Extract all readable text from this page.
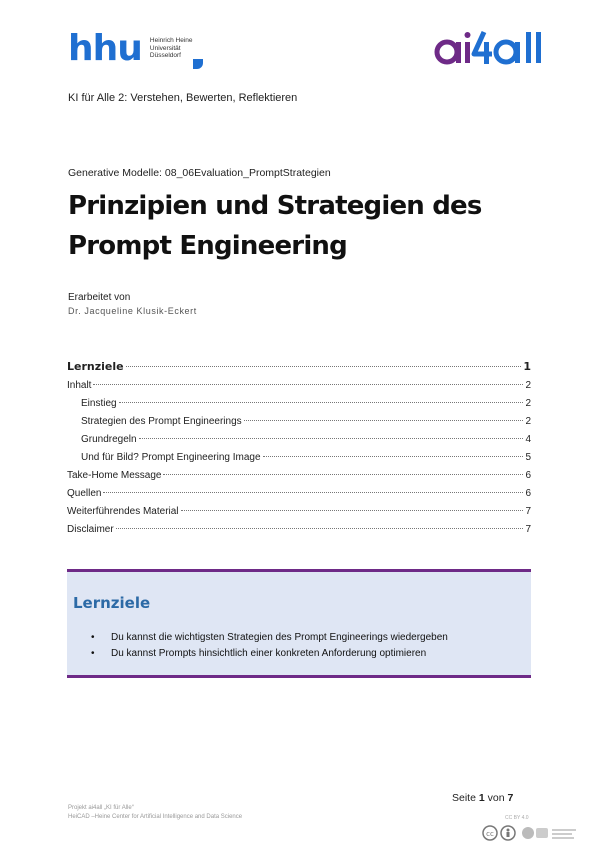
hhu Heinrich Heine
Universität
Düsseldorf
KI für Alle 2: Verstehen, Bewerten, Reflektieren
Generative Modelle: 08_06Evaluation_PromptStrategien
Prinzipien und Strategien des Prompt Engineering
Erarbeitet von
Dr. Jacqueline Klusik-Eckert
Lernziele	1
Inhalt	2
Einstieg	2
Strategien des Prompt Engineerings	2
Grundregeln	4
Und für Bild? Prompt Engineering Image	5
Take-Home Message	6
Quellen	6
Weiterführendes Material	7
Disclaimer	7
Lernziele
• Du kannst die wichtigsten Strategien des Prompt Engineerings wiedergeben
• Du kannst Prompts hinsichtlich einer konkreten Anforderung optimieren
Seite 1 von 7
Projekt ai4all „KI für Alle“
HeiCAD –Heine Center for Artificial Intelligence and Data Science	CC BY 4.0
cc
